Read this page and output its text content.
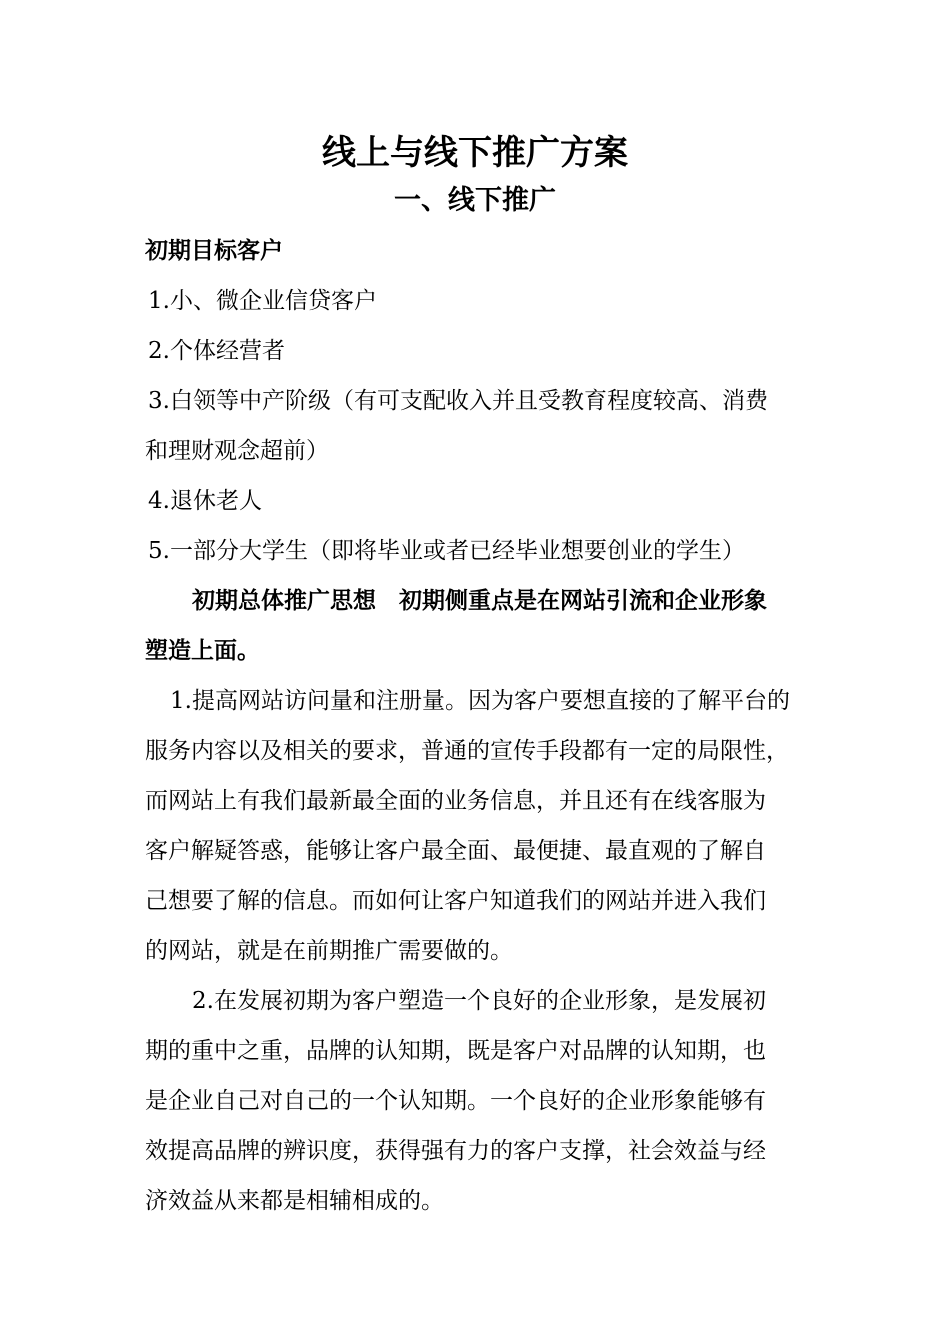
线上与线下推广方案
一、线下推广
初期目标客户
1.小、微企业信贷客户
2.个体经营者
3.白领等中产阶级（有可支配收入并且受教育程度较高、消费
和理财观念超前）
4.退休老人
5.一部分大学生（即将毕业或者已经毕业想要创业的学生）
初期总体推广思想　初期侧重点是在网站引流和企业形象
塑造上面。
1.提高网站访问量和注册量。因为客户要想直接的了解平台的
服务内容以及相关的要求，普通的宣传手段都有一定的局限性，
而网站上有我们最新最全面的业务信息，并且还有在线客服为
客户解疑答惑，能够让客户最全面、最便捷、最直观的了解自
己想要了解的信息。而如何让客户知道我们的网站并进入我们
的网站，就是在前期推广需要做的。
2.在发展初期为客户塑造一个良好的企业形象，是发展初
期的重中之重，品牌的认知期，既是客户对品牌的认知期，也
是企业自己对自己的一个认知期。一个良好的企业形象能够有
效提高品牌的辨识度，获得强有力的客户支撑，社会效益与经
济效益从来都是相辅相成的。
